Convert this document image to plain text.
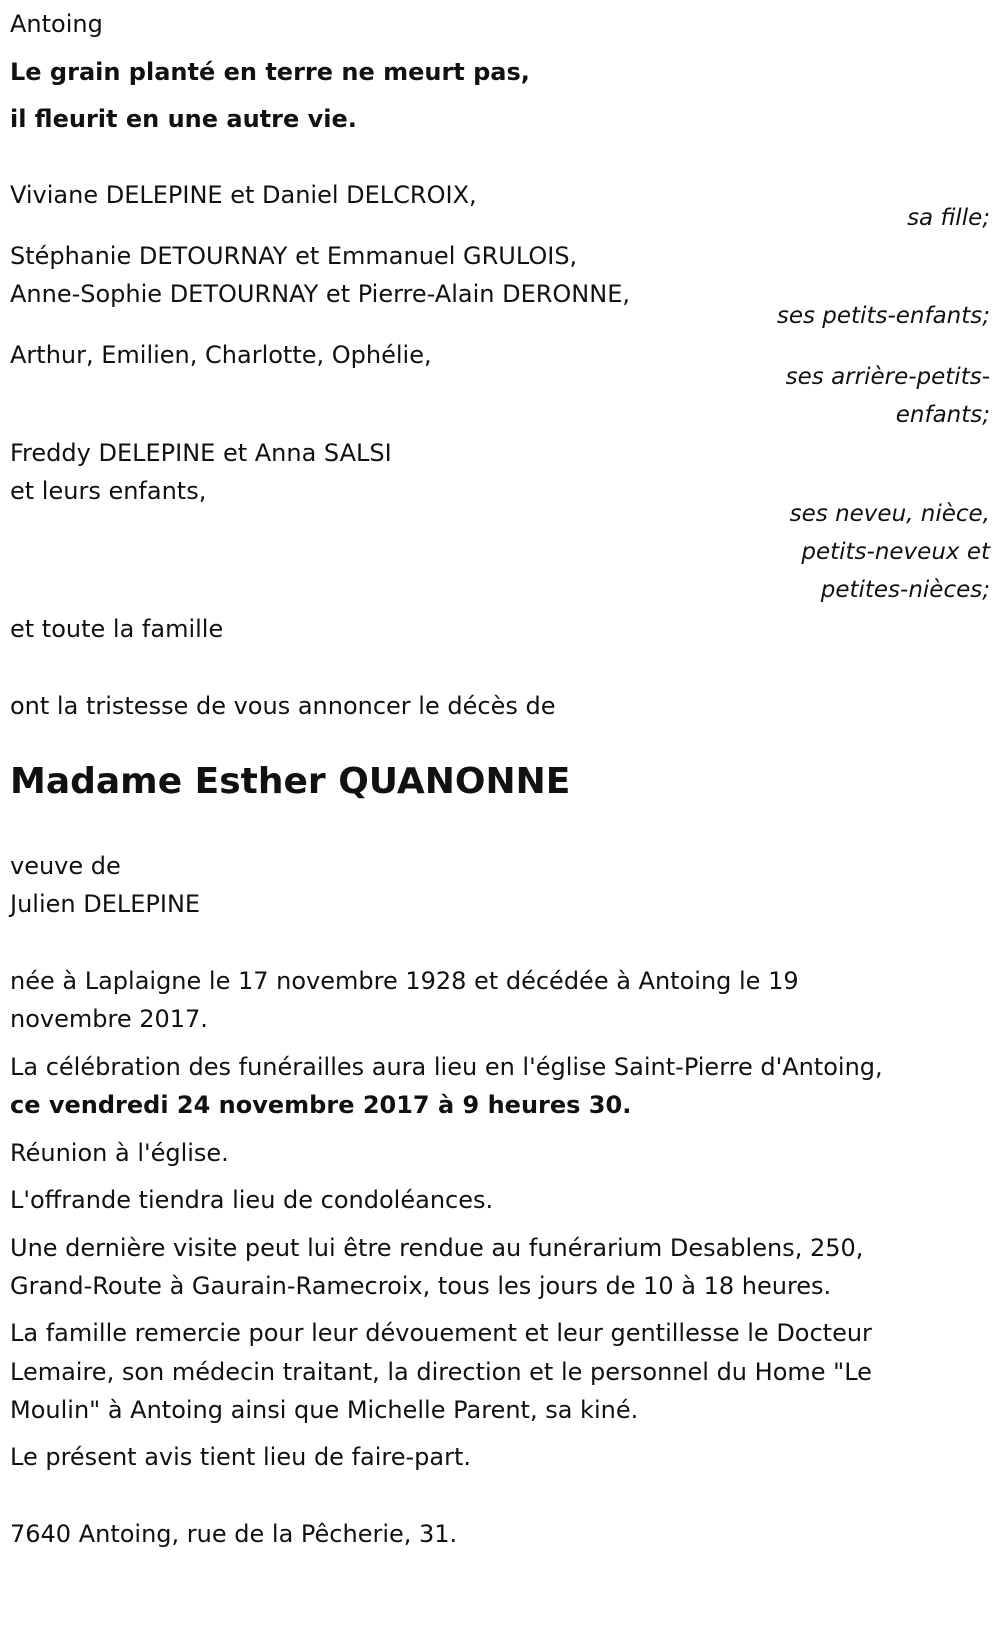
Antoing
Le grain planté en terre ne meurt pas,
il fleurit en une autre vie.
Viviane DELEPINE et Daniel DELCROIX,
sa fille;
Stéphanie DETOURNAY et Emmanuel GRULOIS,
Anne-Sophie DETOURNAY et Pierre-Alain DERONNE,
ses petits-enfants;
Arthur, Emilien, Charlotte, Ophélie,
ses arrière-petits-
enfants;
Freddy DELEPINE et Anna SALSI
et leurs enfants,
ses neveu, nièce,
petits-neveux et
petites-nièces;
et toute la famille
ont la tristesse de vous annoncer le décès de
Madame Esther QUANONNE
veuve de
Julien DELEPINE
née à Laplaigne le 17 novembre 1928 et décédée à Antoing le 19
novembre 2017.
La célébration des funérailles aura lieu en l'église Saint-Pierre d'Antoing,
ce vendredi 24 novembre 2017 à 9 heures 30.
Réunion à l'église.
L'offrande tiendra lieu de condoléances.
Une dernière visite peut lui être rendue au funérarium Desablens, 250,
Grand-Route à Gaurain-Ramecroix, tous les jours de 10 à 18 heures.
La famille remercie pour leur dévouement et leur gentillesse le Docteur
Lemaire, son médecin traitant, la direction et le personnel du Home "Le
Moulin" à Antoing ainsi que Michelle Parent, sa kiné.
Le présent avis tient lieu de faire-part.
7640 Antoing, rue de la Pêcherie, 31.
